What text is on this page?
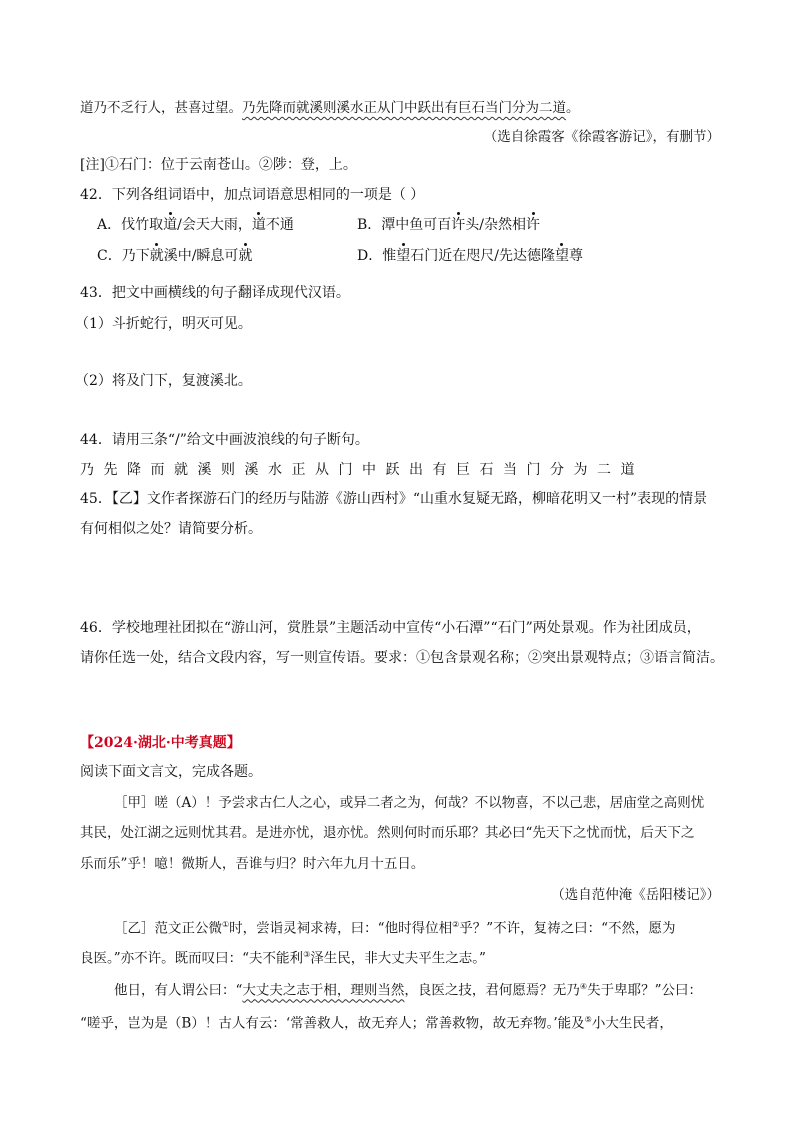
道乃不乏行人，甚喜过望。乃先降而就溪则溪水正从门中跃出有巨石当门分为二道。
（选自徐霞客《徐霞客游记》，有删节）
[注]①石门：位于云南苍山。②陟：登，上。
42．下列各组词语中，加点词语意思相同的一项是（ ）
A．伐竹取道/会天大雨，道不通	B．潭中鱼可百许头/杂然相许
C．乃下就溪中/瞬息可就	D．惟望石门近在咫尺/先达德隆望尊
43．把文中画横线的句子翻译成现代汉语。
（1）斗折蛇行，明灭可见。
（2）将及门下，复渡溪北。
44．请用三条“/”给文中画波浪线的句子断句。
乃先降而就溪则溪水正从门中跃出有巨石当门分为二道
45．【乙】文作者探游石门的经历与陆游《游山西村》“山重水复疑无路，柳暗花明又一村”表现的情景
有何相似之处？请简要分析。
46．学校地理社团拟在“游山河，赏胜景”主题活动中宣传“小石潭”“石门”两处景观。作为社团成员，
请你任选一处，结合文段内容，写一则宣传语。要求：①包含景观名称；②突出景观特点；③语言简洁。
【2024·湖北·中考真题】
阅读下面文言文，完成各题。
［甲］嗟（A）！予尝求古仁人之心，或异二者之为，何哉？不以物喜，不以己悲，居庙堂之高则忧
其民，处江湖之远则忧其君。是进亦忧，退亦忧。然则何时而乐耶？其必曰“先天下之忧而忧，后天下之
乐而乐”乎！噫！微斯人，吾谁与归？时六年九月十五日。
（选自范仲淹《岳阳楼记》）
［乙］范文正公微①时，尝诣灵祠求祷，曰：“他时得位相②乎？”不许，复祷之曰：“不然，愿为
良医。”亦不许。既而叹曰：“夫不能利③泽生民，非大丈夫平生之志。”
他日，有人谓公曰：“大丈夫之志于相，理则当然，良医之技，君何愿焉？无乃④失于卑耶？”公曰：
“嗟乎，岂为是（B）！古人有云：‘常善救人，故无弃人；常善救物，故无弃物。’能及⑤小大生民者，
